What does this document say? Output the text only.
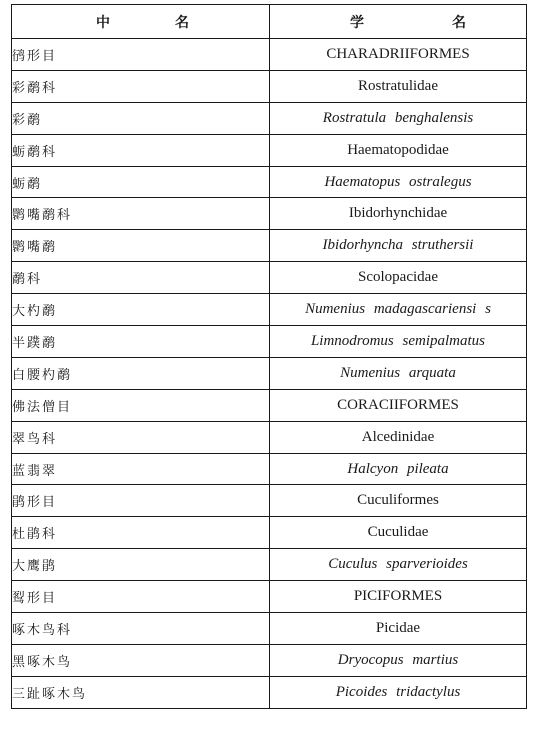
中 名	学 名

鸻形目	CHARADRIIFORMES
彩鹬科	Rostratulidae
彩鹬	Rostratula benghalensis
蛎鹬科	Haematopodidae
蛎鹬	Haematopus ostralegus
鹮嘴鹬科	Ibidorhynchidae
鹮嘴鹬	Ibidorhyncha struthersii
鹬科	Scolopacidae
大杓鹬	Numenius madagascariensi s
半蹼鹬	Limnodromus semipalmatus
白腰杓鹬	Numenius arquata
佛法僧目	CORACIIFORMES
翠鸟科	Alcedinidae
蓝翡翠	Halcyon pileata
鹃形目	Cuculiformes
杜鹃科	Cuculidae
大鹰鹃	Cuculus sparverioides
䴕形目	PICIFORMES
啄木鸟科	Picidae
黑啄木鸟	Dryocopus martius
三趾啄木鸟	Picoides tridactylus
